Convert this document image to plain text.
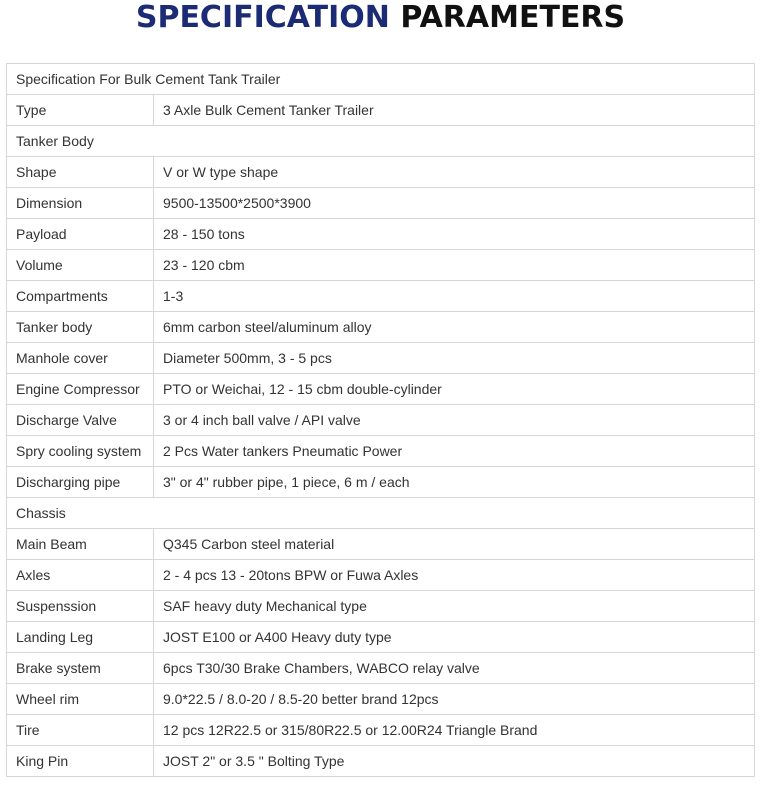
SPECIFICATION PARAMETERS
Specification For Bulk Cement Tank Trailer	
Type	3 Axle Bulk Cement Tanker Trailer
Tanker Body	
Shape	V or W type shape
Dimension	9500-13500*2500*3900
Payload	28 - 150 tons
Volume	23 - 120 cbm
Compartments	1-3
Tanker body	6mm carbon steel/aluminum alloy
Manhole cover	Diameter 500mm, 3 - 5 pcs
Engine Compressor	PTO or Weichai, 12 - 15 cbm double-cylinder
Discharge Valve	3 or 4 inch ball valve / API valve
Spry cooling system	2 Pcs Water tankers Pneumatic Power
Discharging pipe	3" or 4" rubber pipe, 1 piece, 6 m / each
Chassis	
Main Beam	Q345 Carbon steel material
Axles	2 - 4 pcs 13 - 20tons BPW or Fuwa Axles
Suspenssion	SAF heavy duty Mechanical type
Landing Leg	JOST E100 or A400 Heavy duty type
Brake system	6pcs T30/30 Brake Chambers, WABCO relay valve
Wheel rim	9.0*22.5 / 8.0-20 / 8.5-20 better brand 12pcs
Tire	12 pcs 12R22.5 or 315/80R22.5 or 12.00R24 Triangle Brand
King Pin	JOST 2" or 3.5 " Bolting Type
